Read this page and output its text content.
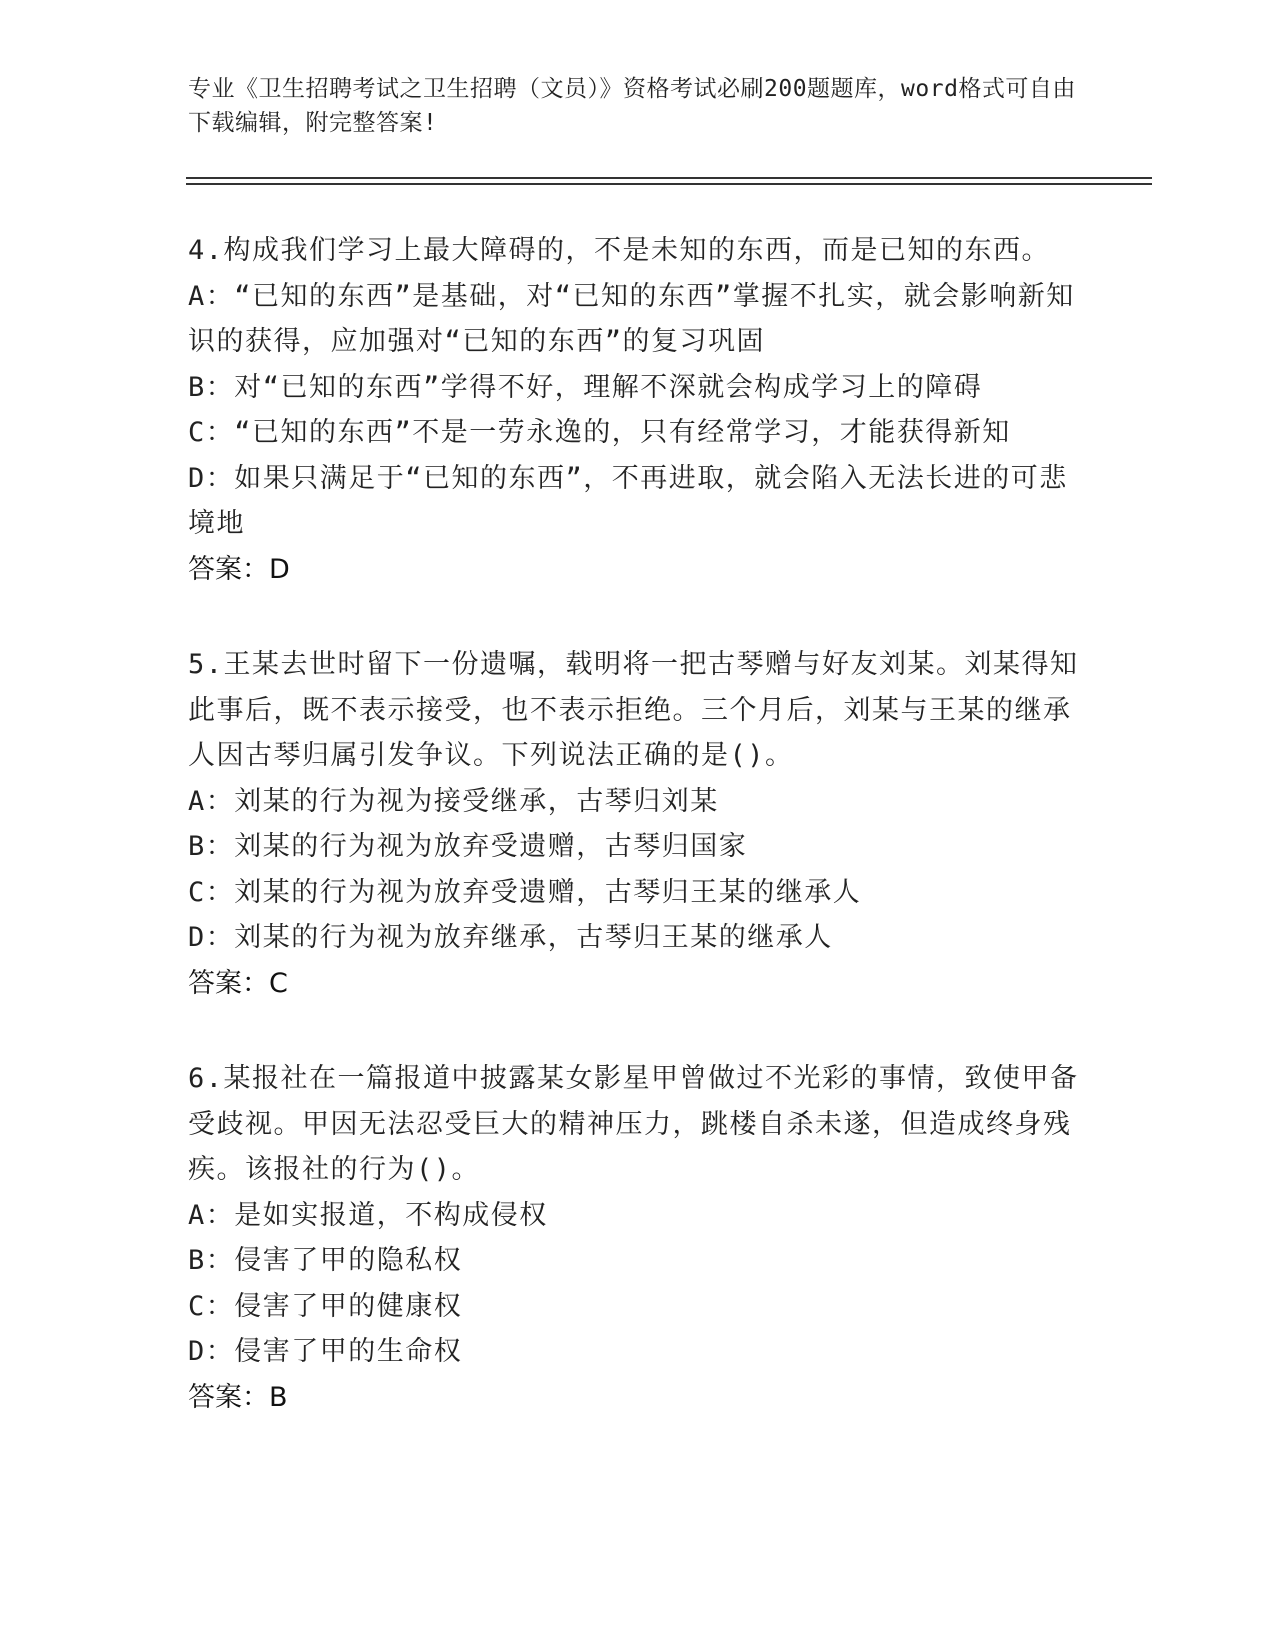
专业《卫生招聘考试之卫生招聘（文员）》资格考试必刷200题题库，word格式可自由下载编辑，附完整答案!
4.构成我们学习上最大障碍的，不是未知的东西，而是已知的东西。
A：“已知的东西”是基础，对“已知的东西”掌握不扎实，就会影响新知识的获得，应加强对“已知的东西”的复习巩固
B：对“已知的东西”学得不好，理解不深就会构成学习上的障碍
C：“已知的东西”不是一劳永逸的，只有经常学习，才能获得新知
D：如果只满足于“已知的东西”，不再进取，就会陷入无法长进的可悲境地
答案：D
5.王某去世时留下一份遗嘱，载明将一把古琴赠与好友刘某。刘某得知此事后，既不表示接受，也不表示拒绝。三个月后，刘某与王某的继承人因古琴归属引发争议。下列说法正确的是()。
A：刘某的行为视为接受继承，古琴归刘某
B：刘某的行为视为放弃受遗赠，古琴归国家
C：刘某的行为视为放弃受遗赠，古琴归王某的继承人
D：刘某的行为视为放弃继承，古琴归王某的继承人
答案：C
6.某报社在一篇报道中披露某女影星甲曾做过不光彩的事情，致使甲备受歧视。甲因无法忍受巨大的精神压力，跳楼自杀未遂，但造成终身残疾。该报社的行为()。
A：是如实报道，不构成侵权
B：侵害了甲的隐私权
C：侵害了甲的健康权
D：侵害了甲的生命权
答案：B
